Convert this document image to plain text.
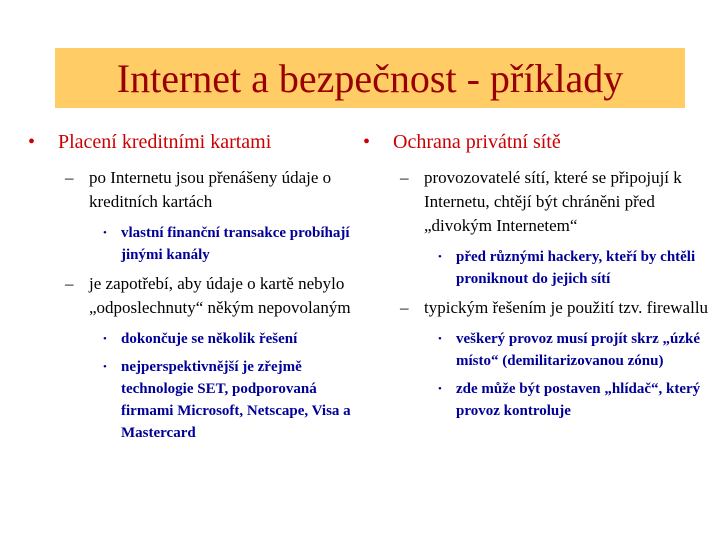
Internet a bezpečnost - příklady
•	Placení kreditními kartami
– po Internetu jsou přenášeny údaje o kreditních kartách
• vlastní finanční transakce probíhají jinými kanály
– je zapotřebí, aby údaje o kartě nebylo „odposlechnuty“ někým nepovolaným
• dokončuje se několik řešení
• nejperspektivnější je zřejmě technologie SET, podporovaná firmami Microsoft, Netscape, Visa a Mastercard
•	Ochrana privátní sítě
– provozovatelé sítí, které se připojují k Internetu, chtějí být chráněni před „divokým Internetem“
• před různými hackery, kteří by chtěli proniknout do jejich sítí
– typickým řešením je použití tzv. firewallu
• veškerý provoz musí projít skrz „úzké místo“ (demilitarizovanou zónu)
• zde může být postaven „hlídač“, který provoz kontroluje
